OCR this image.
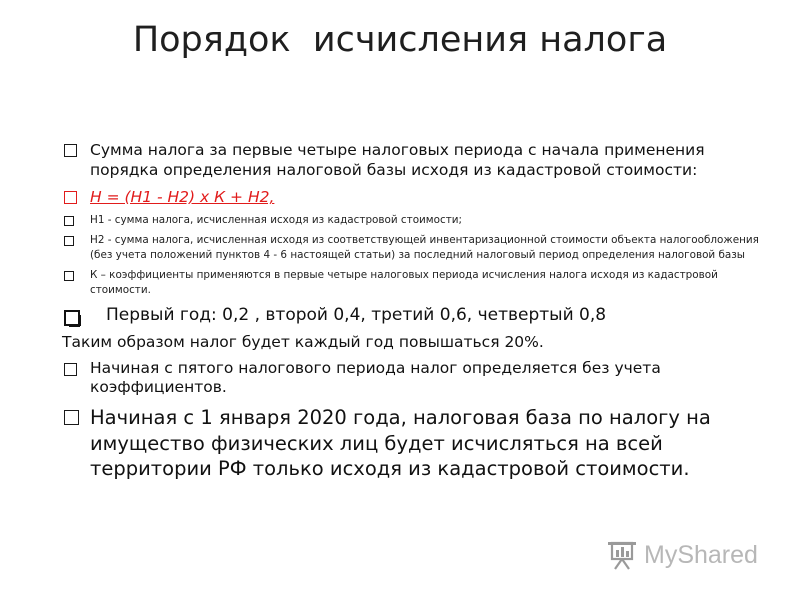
Порядок  исчисления налога
Сумма налога за первые четыре налоговых периода с начала применения порядка определения налоговой базы исходя из кадастровой стоимости:
Н = (Н1 - Н2) х К + Н2,
Н1 - сумма налога, исчисленная исходя из кадастровой стоимости;
Н2 - сумма налога, исчисленная исходя из соответствующей инвентаризационной стоимости объекта налогообложения (без учета положений пунктов 4 - 6 настоящей статьи) за последний налоговый период определения налоговой базы
К – коэффициенты применяются в первые четыре налоговых периода исчисления налога исходя из кадастровой стоимости.
Первый год: 0,2 , второй 0,4, третий 0,6, четвертый 0,8
Таким образом налог будет каждый год повышаться 20%.
Начиная с пятого налогового периода налог определяется без учета коэффициентов.
Начиная с 1 января 2020 года, налоговая база по налогу на имущество физических лиц будет исчисляться на всей территории РФ только исходя из кадастровой стоимости.
MyShared
